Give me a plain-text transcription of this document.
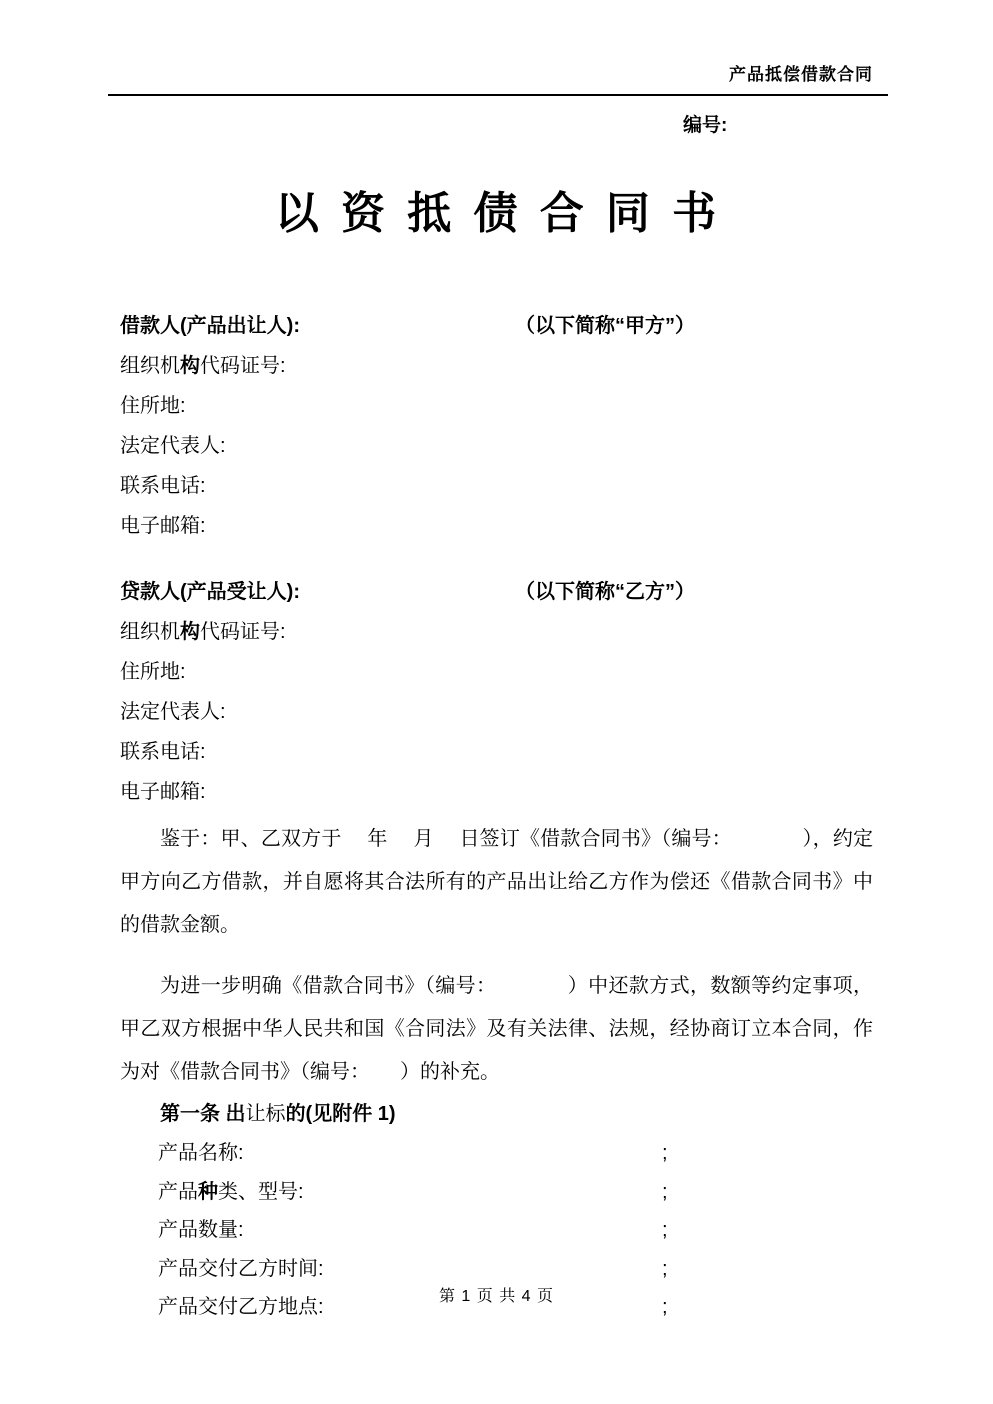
产品抵偿借款合同
编号:
以 资 抵 债 合 同 书
借款人(产品出让人):	（以下简称“甲方”）
组织机构代码证号:
住所地:
法定代表人:
联系电话:
电子邮箱:
贷款人(产品受让人):	（以下简称“乙方”）
组织机构代码证号:
住所地:
法定代表人:
联系电话:
电子邮箱:

鉴于：甲、乙双方于　 年　 月　 日签订《借款合同书》（编号：　　　　），约定甲方向乙方借款，并自愿将其合法所有的产品出让给乙方作为偿还《借款合同书》中的借款金额。

为进一步明确《借款合同书》（编号：　　　　）中还款方式，数额等约定事项，甲乙双方根据中华人民共和国《合同法》及有关法律、法规，经协商订立本合同，作为对《借款合同书》（编号：　　）的补充。

第一条 出让标的(见附件 1)
产品名称:	;
产品种类、型号:	;
产品数量:	;
产品交付乙方时间:	;
产品交付乙方地点:	;
第 1 页 共 4 页
